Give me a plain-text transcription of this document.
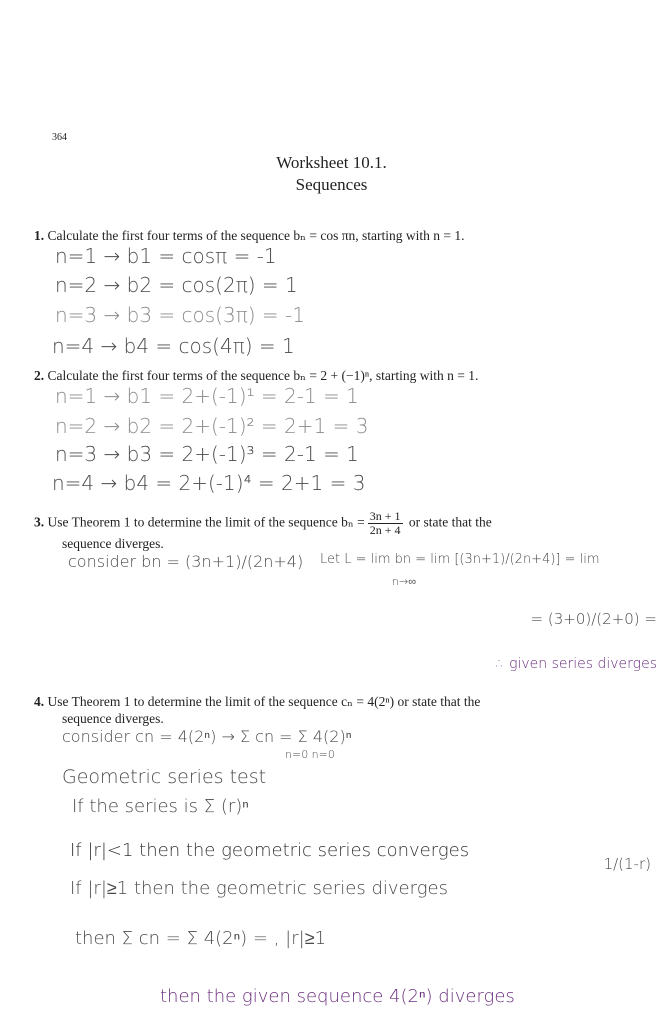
364
Worksheet 10.1.
Sequences
1. Calculate the first four terms of the sequence bₙ = cos πn, starting with n = 1.
n=1 → b1 = cosπ = -1
n=2 → b2 = cos(2π) = 1
n=3 → b3 = cos(3π) = -1
n=4 → b4 = cos(4π) = 1
2. Calculate the first four terms of the sequence bₙ = 2 + (−1)ⁿ, starting with n = 1.
n=1 → b1 = 2+(-1)¹ = 2-1 = 1
n=2 → b2 = 2+(-1)² = 2+1 = 3
n=3 → b3 = 2+(-1)³ = 2-1 = 1
n=4 → b4 = 2+(-1)⁴ = 2+1 = 3
3. Use Theorem 1 to determine the limit of the sequence $b_n = \frac{3n + 1}{2n + 4}$ or state that the
sequence diverges.
consider bn = (3n+1)/(2n+4) Let L = lim bn = lim [(3n+1)/(2n+4)] = lim
n→∞
= (3+0)/(2+0) =
∴ given series diverges
4. Use Theorem 1 to determine the limit of the sequence cₙ = 4(2ⁿ) or state that the
sequence diverges.
consider cn = 4(2ⁿ) → Σ cn = Σ 4(2)ⁿ
n=0 n=0
Geometric series test
If the series is Σ (r)ⁿ
If |r|<1 then the geometric series converges
1/(1-r)
If |r|≥1 then the geometric series diverges
then Σ cn = Σ 4(2ⁿ) = , |r|≥1
then the given sequence 4(2ⁿ) diverges
